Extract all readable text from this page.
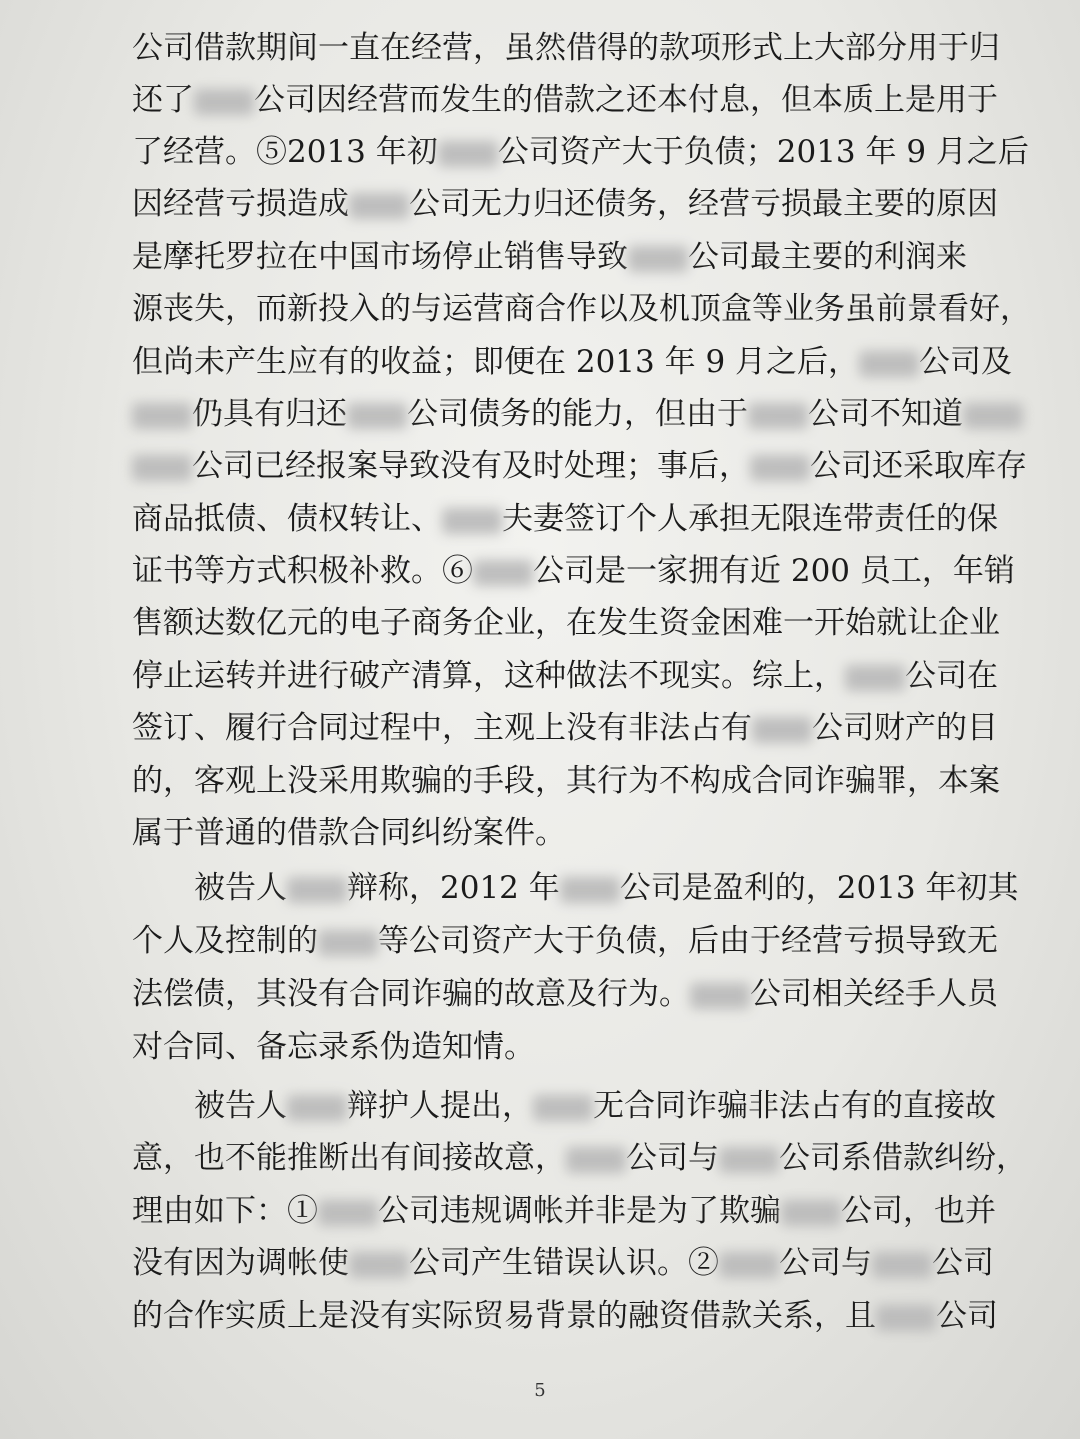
公司借款期间一直在经营，虽然借得的款项形式上大部分用于归
还了 公司因经营而发生的借款之还本付息，但本质上是用于
了经营。⑤2013 年初 公司资产大于负债；2013 年 9 月之后
因经营亏损造成 公司无力归还债务，经营亏损最主要的原因
是摩托罗拉在中国市场停止销售导致 公司最主要的利润来
源丧失，而新投入的与运营商合作以及机顶盒等业务虽前景看好，
但尚未产生应有的收益；即便在 2013 年 9 月之后， 公司及
仍具有归还 公司债务的能力，但由于 公司不知道
公司已经报案导致没有及时处理；事后， 公司还采取库存
商品抵债、债权转让、 夫妻签订个人承担无限连带责任的保
证书等方式积极补救。⑥ 公司是一家拥有近 200 员工，年销
售额达数亿元的电子商务企业，在发生资金困难一开始就让企业
停止运转并进行破产清算，这种做法不现实。综上， 公司在
签订、履行合同过程中，主观上没有非法占有 公司财产的目
的，客观上没采用欺骗的手段，其行为不构成合同诈骗罪，本案
属于普通的借款合同纠纷案件。
　　被告人 辩称，2012 年 公司是盈利的，2013 年初其
个人及控制的 等公司资产大于负债，后由于经营亏损导致无
法偿债，其没有合同诈骗的故意及行为。 公司相关经手人员
对合同、备忘录系伪造知情。
　　被告人 辩护人提出， 无合同诈骗非法占有的直接故
意，也不能推断出有间接故意， 公司与 公司系借款纠纷，
理由如下：① 公司违规调帐并非是为了欺骗 公司，也并
没有因为调帐使 公司产生错误认识。② 公司与 公司
的合作实质上是没有实际贸易背景的融资借款关系，且 公司
5
